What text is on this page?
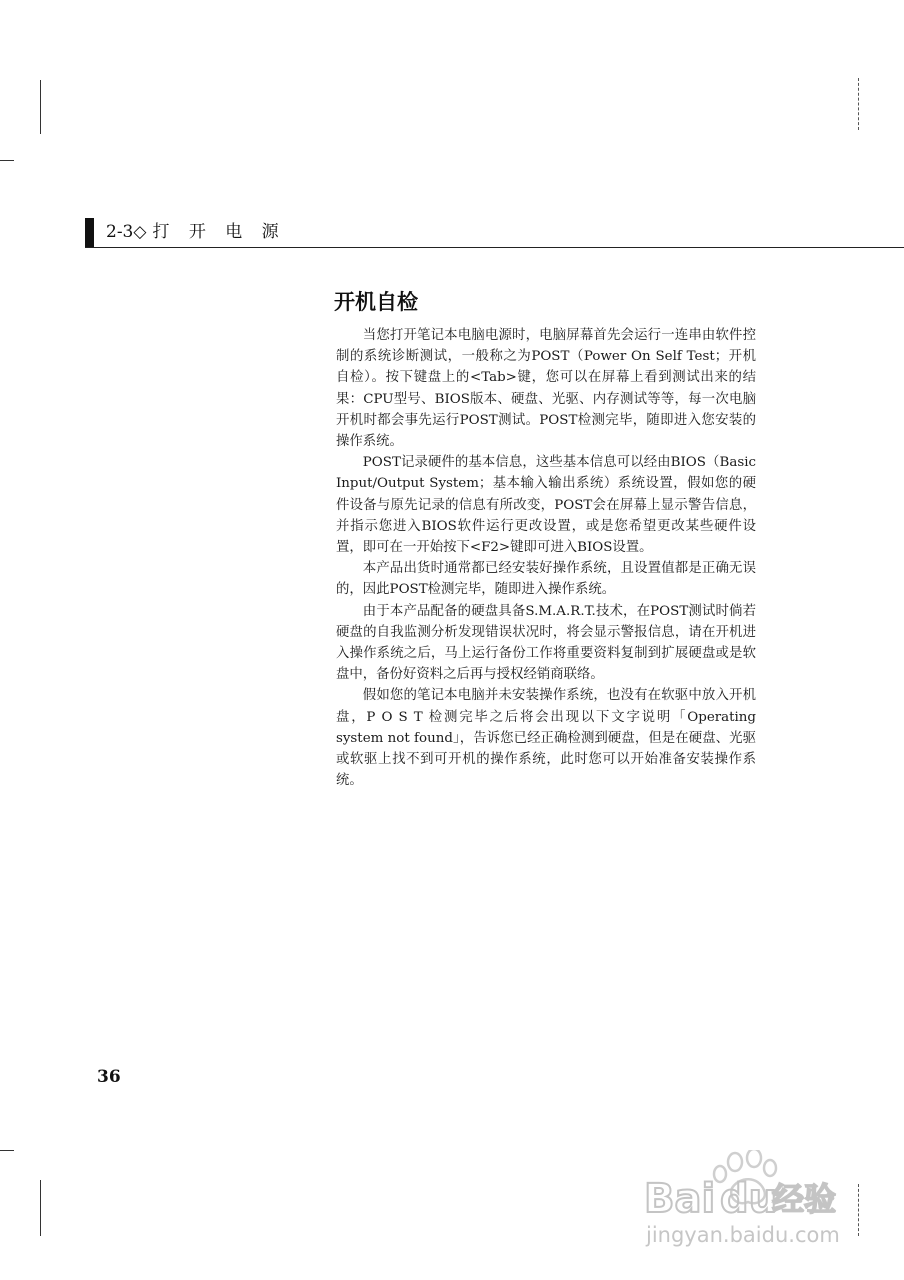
2-3◇ 打 开 电 源
开机自检

当您打开笔记本电脑电源时，电脑屏幕首先会运行一连串由软件控制的系统诊断测试，一般称之为POST（Power On Self Test；开机自检）。按下键盘上的<Tab>键，您可以在屏幕上看到测试出来的结果：CPU型号、BIOS版本、硬盘、光驱、内存测试等等，每一次电脑开机时都会事先运行POST测试。POST检测完毕，随即进入您安装的操作系统。

POST记录硬件的基本信息，这些基本信息可以经由BIOS（Basic Input/Output System；基本输入输出系统）系统设置，假如您的硬件设备与原先记录的信息有所改变，POST会在屏幕上显示警告信息，并指示您进入BIOS软件运行更改设置，或是您希望更改某些硬件设置，即可在一开始按下<F2>键即可进入BIOS设置。

本产品出货时通常都已经安装好操作系统，且设置值都是正确无误的，因此POST检测完毕，随即进入操作系统。

由于本产品配备的硬盘具备S.M.A.R.T.技术，在POST测试时倘若硬盘的自我监测分析发现错误状况时，将会显示警报信息，请在开机进入操作系统之后，马上运行备份工作将重要资料复制到扩展硬盘或是软盘中，备份好资料之后再与授权经销商联络。

假如您的笔记本电脑并未安装操作系统，也没有在软驱中放入开机盘，P O S T 检测完毕之后将会出现以下文字说明「Operating system not found」，告诉您已经正确检测到硬盘，但是在硬盘、光驱或软驱上找不到可开机的操作系统，此时您可以开始准备安装操作系统。

36
Bai du
经验
jingyan.baidu.com
